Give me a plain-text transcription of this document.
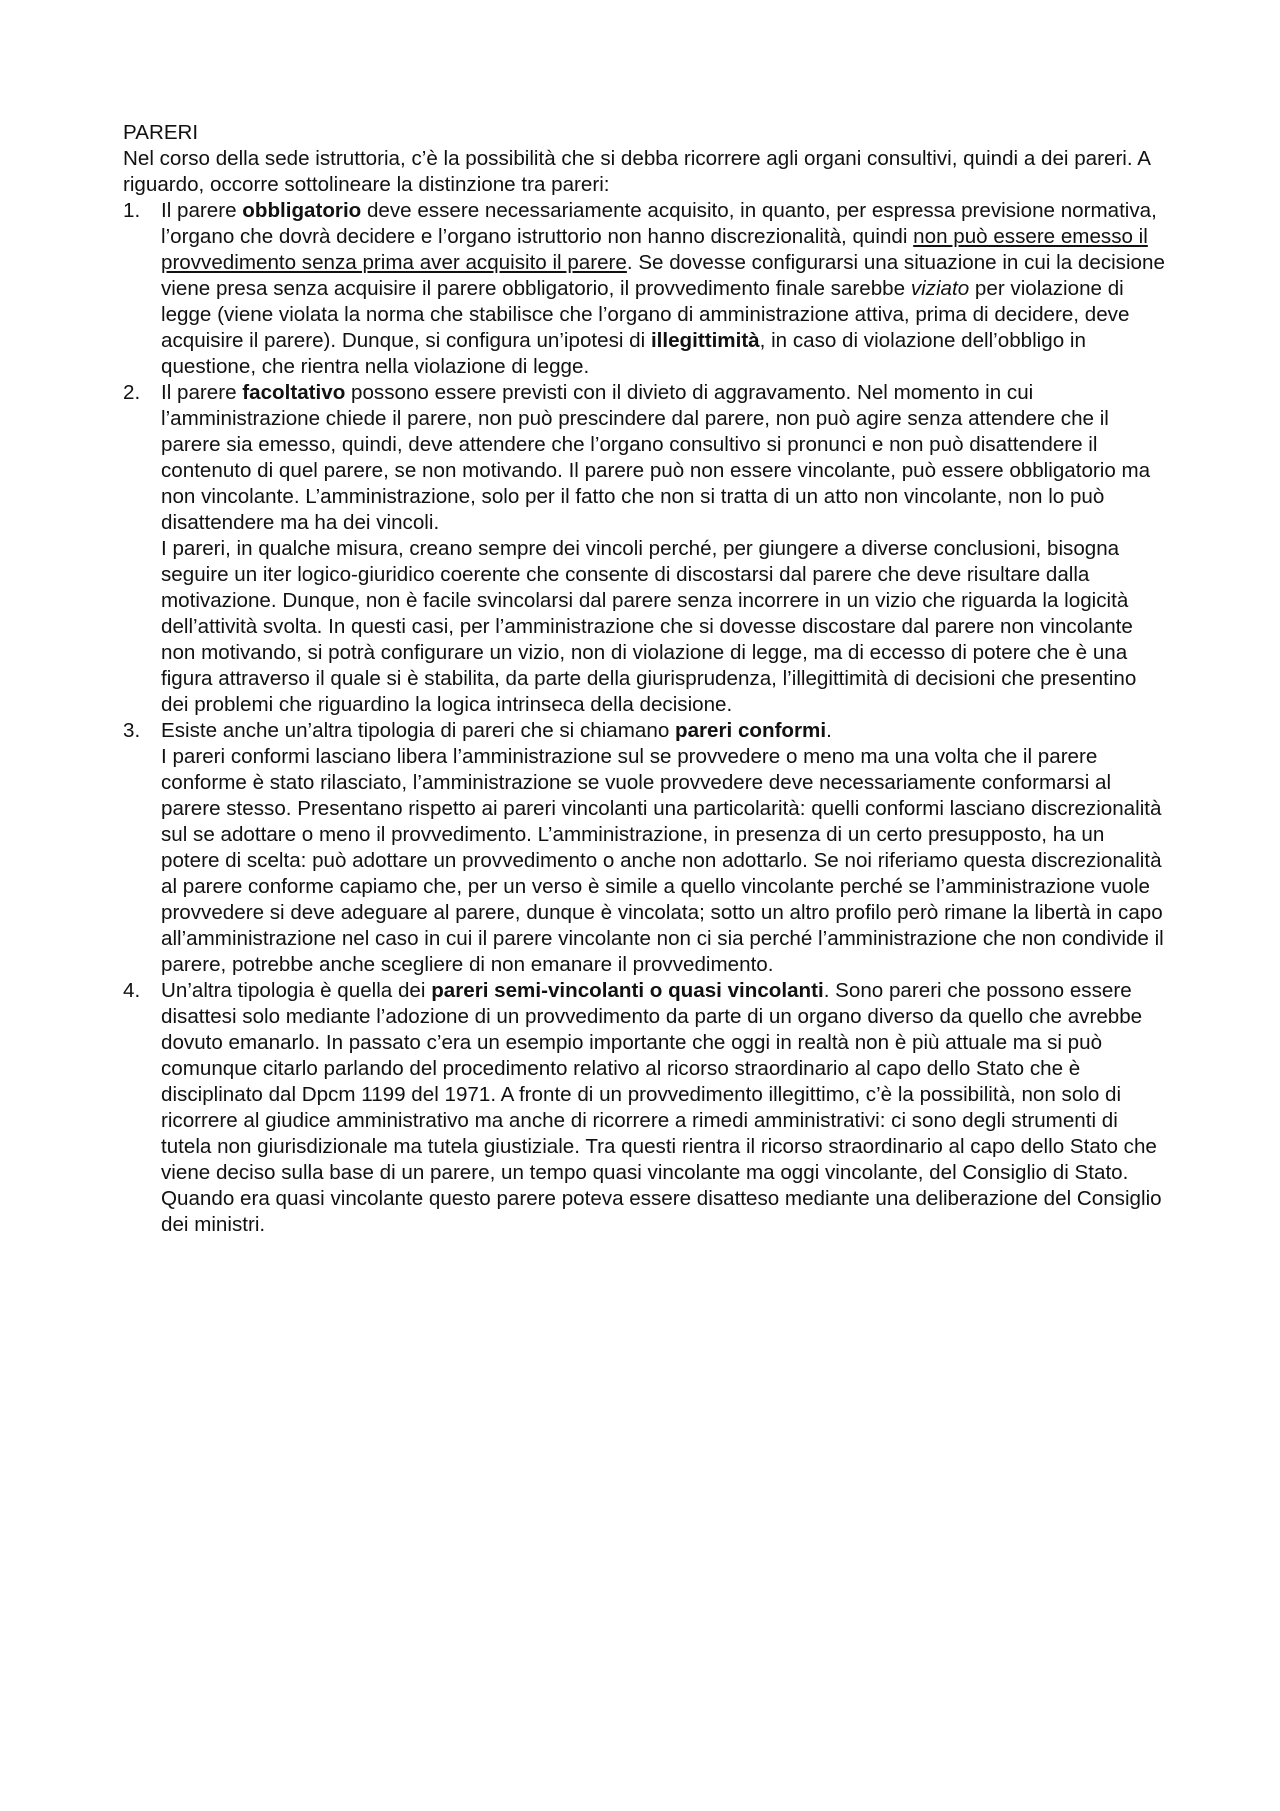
PARERI

Nel corso della sede istruttoria, c’è la possibilità che si debba ricorrere agli organi consultivi, quindi a dei pareri. A riguardo, occorre sottolineare la distinzione tra pareri:

1. Il parere obbligatorio deve essere necessariamente acquisito, in quanto, per espressa previsione normativa, l’organo che dovrà decidere e l’organo istruttorio non hanno discrezionalità, quindi non può essere emesso il provvedimento senza prima aver acquisito il parere. Se dovesse configurarsi una situazione in cui la decisione viene presa senza acquisire il parere obbligatorio, il provvedimento finale sarebbe viziato per violazione di legge (viene violata la norma che stabilisce che l’organo di amministrazione attiva, prima di decidere, deve acquisire il parere). Dunque, si configura un’ipotesi di illegittimità, in caso di violazione dell’obbligo in questione, che rientra nella violazione di legge.

2. Il parere facoltativo possono essere previsti con il divieto di aggravamento. Nel momento in cui l’amministrazione chiede il parere, non può prescindere dal parere, non può agire senza attendere che il parere sia emesso, quindi, deve attendere che l’organo consultivo si pronunci e non può disattendere il contenuto di quel parere, se non motivando. Il parere può non essere vincolante, può essere obbligatorio ma non vincolante. L’amministrazione, solo per il fatto che non si tratta di un atto non vincolante, non lo può disattendere ma ha dei vincoli.

I pareri, in qualche misura, creano sempre dei vincoli perché, per giungere a diverse conclusioni, bisogna seguire un iter logico-giuridico coerente che consente di discostarsi dal parere che deve risultare dalla motivazione. Dunque, non è facile svincolarsi dal parere senza incorrere in un vizio che riguarda la logicità dell’attività svolta. In questi casi, per l’amministrazione che si dovesse discostare dal parere non vincolante non motivando, si potrà configurare un vizio, non di violazione di legge, ma di eccesso di potere che è una figura attraverso il quale si è stabilita, da parte della giurisprudenza, l’illegittimità di decisioni che presentino dei problemi che riguardino la logica intrinseca della decisione.

3. Esiste anche un’altra tipologia di pareri che si chiamano pareri conformi.

I pareri conformi lasciano libera l’amministrazione sul se provvedere o meno ma una volta che il parere conforme è stato rilasciato, l’amministrazione se vuole provvedere deve necessariamente conformarsi al parere stesso. Presentano rispetto ai pareri vincolanti una particolarità: quelli conformi lasciano discrezionalità sul se adottare o meno il provvedimento. L’amministrazione, in presenza di un certo presupposto, ha un potere di scelta: può adottare un provvedimento o anche non adottarlo. Se noi riferiamo questa discrezionalità al parere conforme capiamo che, per un verso è simile a quello vincolante perché se l’amministrazione vuole provvedere si deve adeguare al parere, dunque è vincolata; sotto un altro profilo però rimane la libertà in capo all’amministrazione nel caso in cui il parere vincolante non ci sia perché l’amministrazione che non condivide il parere, potrebbe anche scegliere di non emanare il provvedimento.

4. Un’altra tipologia è quella dei pareri semi-vincolanti o quasi vincolanti. Sono pareri che possono essere disattesi solo mediante l’adozione di un provvedimento da parte di un organo diverso da quello che avrebbe dovuto emanarlo. In passato c’era un esempio importante che oggi in realtà non è più attuale ma si può comunque citarlo parlando del procedimento relativo al ricorso straordinario al capo dello Stato che è disciplinato dal Dpcm 1199 del 1971. A fronte di un provvedimento illegittimo, c’è la possibilità, non solo di ricorrere al giudice amministrativo ma anche di ricorrere a rimedi amministrativi: ci sono degli strumenti di tutela non giurisdizionale ma tutela giustiziale. Tra questi rientra il ricorso straordinario al capo dello Stato che viene deciso sulla base di un parere, un tempo quasi vincolante ma oggi vincolante, del Consiglio di Stato. Quando era quasi vincolante questo parere poteva essere disatteso mediante una deliberazione del Consiglio dei ministri.
